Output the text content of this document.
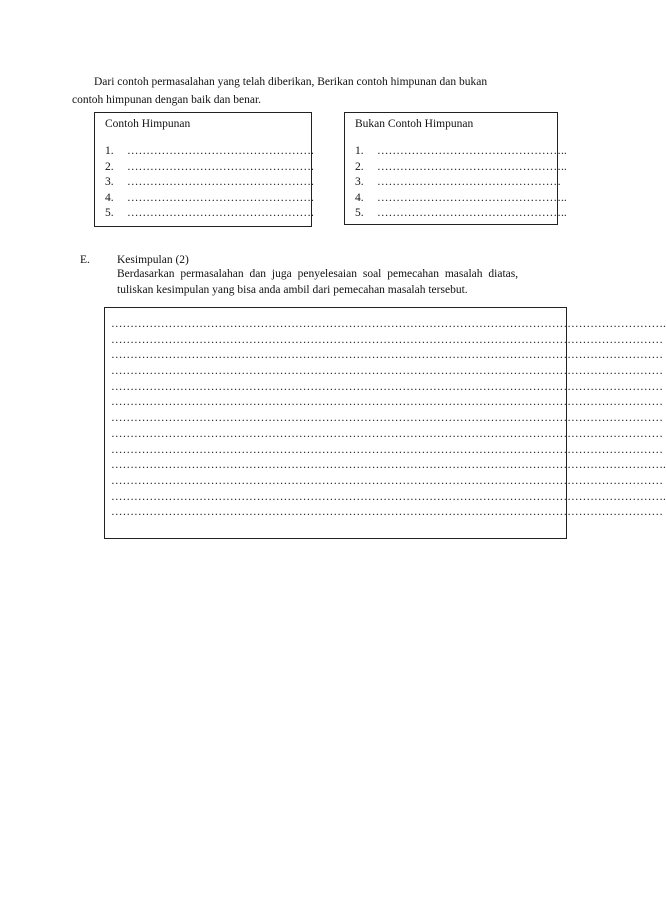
Dari contoh permasalahan yang telah diberikan, Berikan contoh himpunan dan bukan
contoh himpunan dengan baik dan benar.
Contoh Himpunan
1. ………………………………………….
2. ………………………………………….
3. ………………………………………….
4. ………………………………………….
5. ………………………………………….
Bukan Contoh Himpunan
1. …………………………………………..
2. …………………………………………..
3. …………………………………………
4. …………………………………………..
5. …………………………………………..
E. Kesimpulan (2)
Berdasarkan permasalahan dan juga penyelesaian soal pemecahan masalah diatas,
tuliskan kesimpulan yang bisa anda ambil dari pemecahan masalah tersebut.
……………………………………………………………………………………………………………………………….
………………………………………………………………………………………………………………………………
………………………………………………………………………………………………………………………………
………………………………………………………………………………………………………………………………
………………………………………………………………………………………………………………………………
………………………………………………………………………………………………………………………………
………………………………………………………………………………………………………………………………
………………………………………………………………………………………………………………………………
………………………………………………………………………………………………………………………………
……………………………………………………………………………………………………………………………….
………………………………………………………………………………………………………………………………
……………………………………………………………………………………………………………………………….
………………………………………………………………………………………………………………………………
